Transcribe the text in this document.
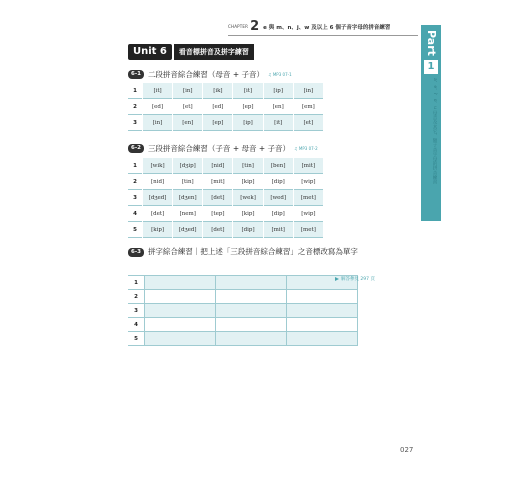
CHAPTER 2 e 與 m、n、j、w 及以上 6 個子音字母的拼音練習
Part
1
a、e、i、o、u 母音及其它，額子音字母的拼音練習
Unit 6	看音標拼音及拼字練習
6-1 二段拼音綜合練習（母音 + 子音） ♫ MP3 07-1
1	[it]	[in]	[ik]	[it]	[ip]	[in]
2	[ed]	[et]	[ed]	[ep]	[en]	[em]
3	[in]	[en]	[ep]	[ip]	[it]	[et]
6-2 三段拼音綜合練習（子音 + 母音 + 子音） ♫ MP3 07-2
1	[wik]	[dʒip]	[nid]	[tin]	[ben]	[mit]
2	[nid]	[tin]	[mit]	[kip]	[dip]	[wip]
3	[dʒed]	[dʒen]	[det]	[wek]	[wed]	[met]
4	[det]	[nem]	[tep]	[kip]	[dip]	[wip]
5	[kip]	[dʒed]	[det]	[dip]	[mit]	[met]
6-3 拼字綜合練習｜把上述「三段拼音綜合練習」之音標改寫為單字
1			
2			
3			
4			
5			
解答參見 297 頁
027
